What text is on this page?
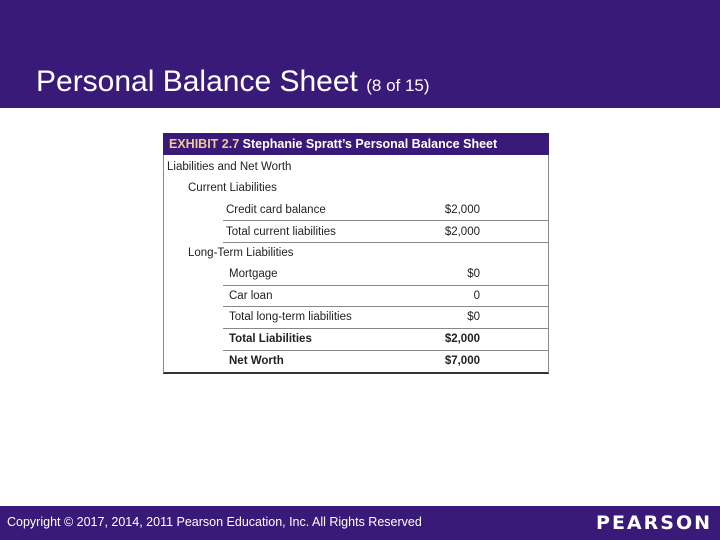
Personal Balance Sheet (8 of 15)
EXHIBIT 2.7 Stephanie Spratt’s Personal Balance Sheet
Liabilities and Net Worth
Current Liabilities
Credit card balance	$2,000
Total current liabilities	$2,000
Long-Term Liabilities
Mortgage	$0
Car loan	0
Total long-term liabilities	$0
Total Liabilities	$2,000
Net Worth	$7,000
Copyright © 2017, 2014, 2011 Pearson Education, Inc. All Rights Reserved	PEARSON
